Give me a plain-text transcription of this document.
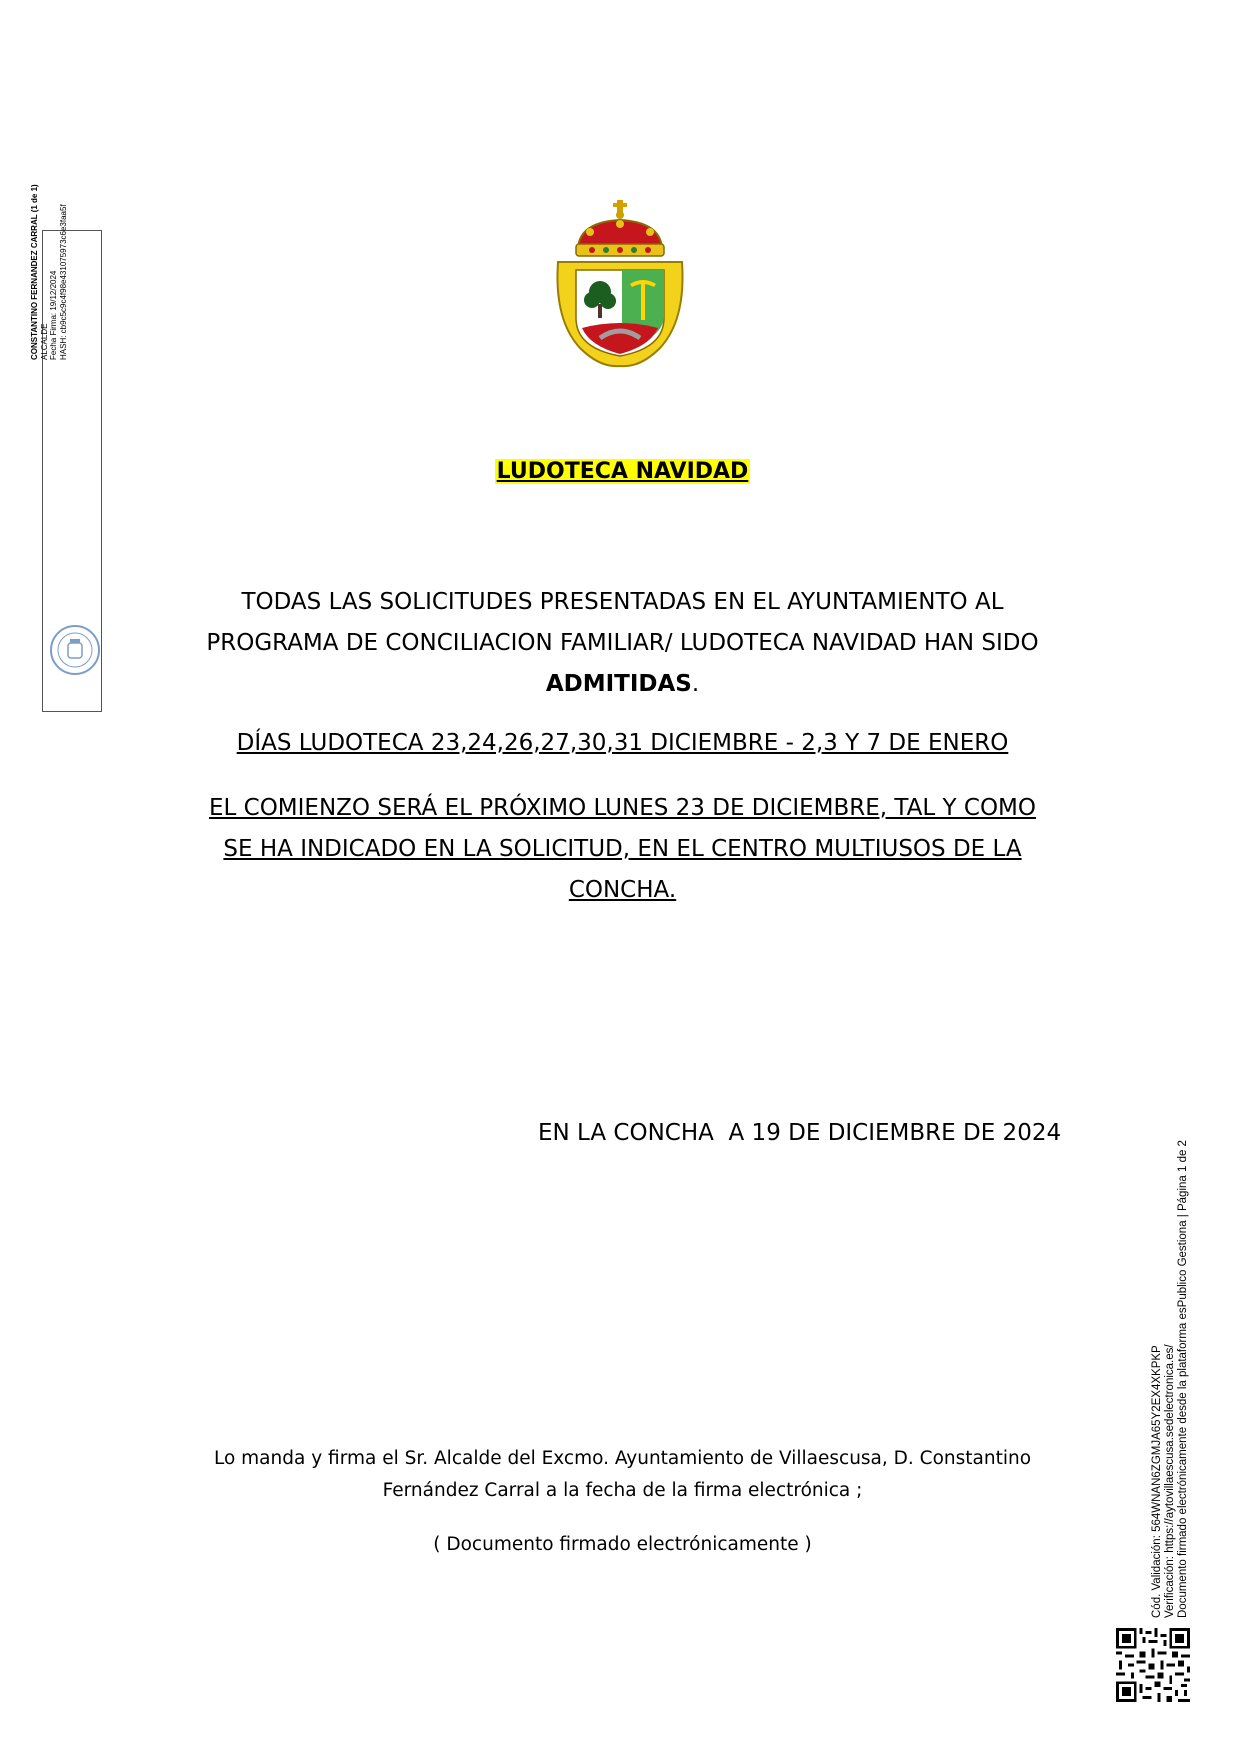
CONSTANTINO FERNANDEZ CARRAL (1 de 1) ALCALDE Fecha Firma: 19/12/2024 HASH: cb9c5c9c4f98e431075973c6e3faa5f
LUDOTECA NAVIDAD
TODAS LAS SOLICITUDES PRESENTADAS EN EL AYUNTAMIENTO AL
PROGRAMA DE CONCILIACION FAMILIAR/ LUDOTECA NAVIDAD HAN SIDO
ADMITIDAS.
DÍAS LUDOTECA 23,24,26,27,30,31 DICIEMBRE - 2,3 Y 7 DE ENERO
EL COMIENZO SERÁ EL PRÓXIMO LUNES 23 DE DICIEMBRE, TAL Y COMO
SE HA INDICADO EN LA SOLICITUD, EN EL CENTRO MULTIUSOS DE LA
CONCHA.
EN LA CONCHA  A 19 DE DICIEMBRE DE 2024
Lo manda y firma el Sr. Alcalde del Excmo. Ayuntamiento de Villaescusa, D. Constantino
Fernández Carral a la fecha de la firma electrónica ;
( Documento firmado electrónicamente )	Cód. Validación: 564WNAN6ZGMJA65Y2EX4XKPKP Verificación: https://aytovillaescusa.sedelectronica.es/ Documento firmado electrónicamente desde la plataforma esPublico Gestiona | Página 1 de 2
